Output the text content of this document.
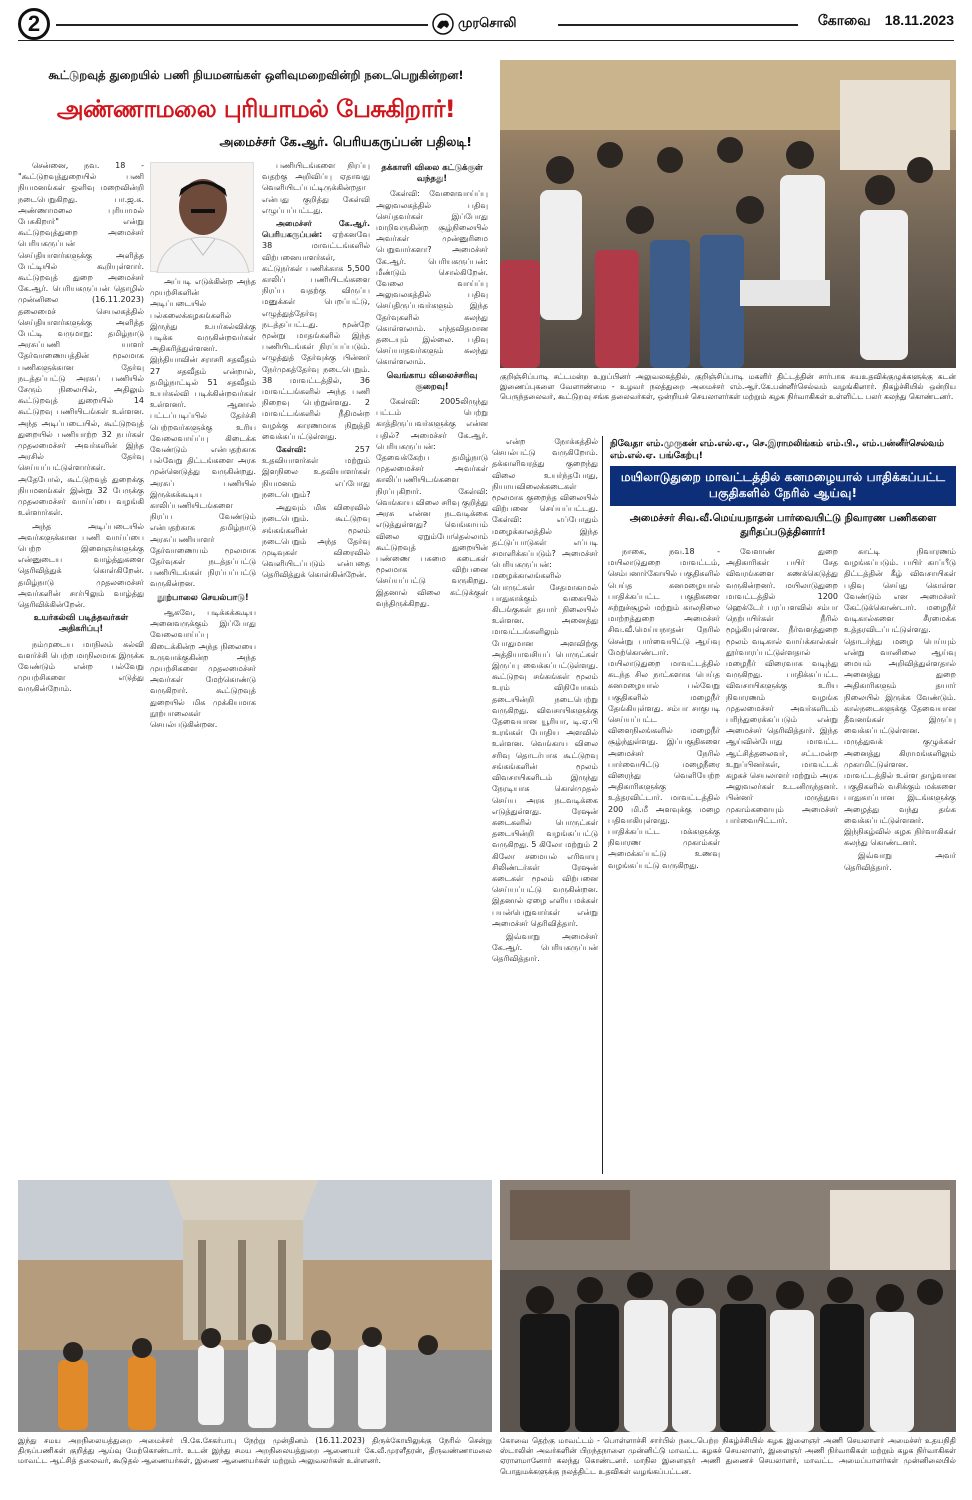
2	முரசொலி	கோவை 18.11.2023
கூட்டுறவுத் துறையில் பணி நியமனங்கள் ஒளிவுமறைவின்றி நடைபெறுகின்றன!
அண்ணாமலை புரியாமல் பேசுகிறார்!
அமைச்சர் கே.ஆர். பெரியகருப்பன் பதிலடி!
குறிஞ்சிப்பாடி சட்டமன்ற உறுப்பினர் அலுவலகத்தில், குறிஞ்சிப்பாடி மகளிர் திட்டத்தின் சார்பாக சுயஉதவிக்குழுக்களுக்கு கடன் இணைப்புகளை வேளாண்மை - உழவர் நலத்துறை அமைச்சர் எம்.ஆர்.கே.பன்னீர்செல்வம் வழங்கினார். நிகழ்ச்சியில் ஒன்றிய பெருந்தலைவர், கூட்டுறவு சங்க தலைவர்கள், ஒன்றியச் செயலாளர்கள் மற்றும் கழக நிர்வாகிகள் உள்ளிட்ட பலர் கலந்து கொண்டனர்.

சென்னை, நவ. 18 - "கூட்டுறவுத்துறையில் பணி நியமனங்கள் ஒளிவு மறைவின்றி நடைபெறுகிறது. பா.ஜ.க. அண்ணாமலை புரியாமல் பேசுகிறார்" என்று கூட்டுறவுத்துறை அமைச்சர் பெரியகருப்பன் செய்தியாளர்களுக்கு அளித்த பேட்டியில் கூறியுள்ளார். கூட்டுறவுத் துறை அமைச்சர் கே.ஆர். பெரியகருப்பன் தொழில் முன்னிலை (16.11.2023) தலைமைச் செயலகத்தில் செய்தியாளர்களுக்கு அளித்த பேட்டி வருமாறு: தமிழ்நாடு அரசுப்பணி யாளர் தேர்வாணையத்தின் மூலமாக பணிகளுக்கான தேர்வு நடத்தப்பட்டு அரசுப் பணியில் சேரும் நிலையில், அதிலும் கூட்டுறவுத் துறையில் 14 கூட்டுறவு பணியிடங்கள் உள்ளன. அந்த அடிப்படையில், கூட்டுறவுத் துறையில் பணியாற்ற 32 நபர்கள் முதலமைச்சர் அவர்களின் இந்த அரசில் தேர்வு செய்யப்பட்டுள்ளார்கள். அதேபோல், கூட்டுறவுத் துறைக்கு நியமனங்கள் இன்று 32 பேருக்கு முதலமைச்சர் வாய்ப்பை வழங்கி உள்ளார்கள்.

அந்த அடிப்படையில் அவர்களுக்கான பணி வாய்ப்பை பெற்ற இளைஞர்களுக்கு என்னுடைய வாழ்த்துகளை தெரிவித்துக் கொள்கிறேன். தமிழ்நாடு முதலமைச்சர் அவர்களின் சார்பிலும் வாழ்த்து தெரிவிக்கின்றேன்.

உயர்கல்வி படித்தவர்கள் அதிகரிப்பு!

நம்முடைய மாநிலம் கல்வி வளர்ச்சி பெற்ற மாநிலமாக இருக்க வேண்டும் என்ற பல்வேறு முயற்சிகளை எடுத்து வருகின்றோம்.

அப்படி எடுக்கின்ற அந்த முயற்சிகளின் அடிப்படையில் பல்கலைக்கழகங்களில் இருந்து உயர்கல்விக்கு படிக்க வருகின்றவர்கள் அதிகரித்துள்ளனர். இந்தியாவின் சராசரி சதவீதம் 27 சதவீதம் என்றால், தமிழ்நாட்டில் 51 சதவீதம் உயர்கல்வி படிக்கின்றவர்கள் உள்ளனர். ஆனால் பட்டப்படிப்பில் தேர்ச்சி பெற்றவர்களுக்கு உரிய வேலைவாய்ப்பு கிடைக்க வேண்டும் என்பதற்காக பல்வேறு திட்டங்களை அரசு முன்னெடுத்து வருகின்றது. அரசுப் பணியில் இருக்கக்கூடிய காலிப்பணியிடங்களை நிரப்ப வேண்டும் என்பதற்காக தமிழ்நாடு அரசுப்பணியாளர் தேர்வாணையம் மூலமாக தேர்வுகள் நடத்தப்பட்டு பணியிடங்கள் நிரப்பப்பட்டு வருகின்றன.

நூற்பாலை செயல்பாடு!

ஆகவே, படிக்கக்கூடிய அனைவருக்கும் இப்போது வேலைவாய்ப்பு கிடைக்கின்ற அந்த நிலையை உருவாக்குகின்ற அந்த முயற்சிகளை முதலமைச்சர் அவர்கள் மேற்கொண்டு வருகிறார். கூட்டுறவுத் துறையில் மிக முக்கியமாக நூற்பாலைகள் செயல்படுகின்றன.

பணியிடங்களை நிரப்பு வதற்கு அறிவிப்பு ஏதாவது வெளியிடப்பட்டிருக்கின்றதா என்பது குறித்து கேள்வி எழுப்பப்பட்டது.

அமைச்சர் கே.ஆர். பெரியகருப்பன்: ஏற்கனவே 38 மாவட்டங்களில் விற்பனையாளர்கள், கட்டுநர்கள் பணிக்காக 5,500 காலிப் பணியிடங்களை நிரப்ப வதற்கு விருப்ப மனுக்கள் பெறப்பட்டு, எழுத்துத்தேர்வு நடத்தப்பட்டது. மூன்றே மூன்று மாதங்களில் இந்த பணியிடங்கள் நிரப்பப்படும். எழுத்துத் தேர்வுக்கு பின்னர் நேர்முகத்தேர்வு நடைபெறும். 38 மாவட்டத்தில், 36 மாவட்டங்களில் அந்த பணி நிறைவு பெற்றுள்ளது. 2 மாவட்டங்களில் நீதிமன்ற வழக்கு காரணமாக நிறுத்தி வைக்கப்பட்டுள்ளது.

கேள்வி:	257 உதவியாளர்கள் மற்றும் இளநிலை உதவியாளர்கள் நியமனம் எப்போது நடைபெறும்?

அதுவும் மிக விரைவில் நடைபெறும். கூட்டுறவு சங்கங்களின் மூலம் நடைபெறும் அந்த தேர்வு முடிவுகள் விரைவில் வெளியிடப்படும் என்பதை தெரிவித்துக் கொள்கின்றேன்.

தக்காளி விலை கட்டுக்குள் வந்தது!

கேள்வி: வேளைவாய்ப்பு அலுவலகத்தில் பதிவு செய்தவர்கள் இப்போது மாறிவருகின்ற சூழ்நிலையில் அவர்கள் முன்னுரிமை பெறுவார்களா? அமைச்சர் கே.ஆர். பெரியகருப்பன்: மீண்டும் சொல்கிறேன். வேலை வாய்ப்பு அலுவலகத்தில் பதிவு செய்திருப்பவர்களும் இந்த தேர்வுகளில் கலந்து கொள்ளலாம். எந்தவிதமான தடையும் இல்லை. பதிவு செய்யாதவர்களும் கலந்து கொள்ளலாம்.

வெங்காய விலைச்சரிவு குறைவு!

கேள்வி: 2005லிருந்து பட்டம் பெற்று காத்திருப்பவர்களுக்கு என்ன பதில்? அமைச்சர் கே.ஆர். பெரியகருப்பன்: தேவைக்கேற்ப தமிழ்நாடு முதலமைச்சர் அவர்கள் காலிப்பணியிடங்களை நிரப்புகிறார். கேள்வி: வெங்காய விலை சரிவு குறித்து அரசு என்ன நடவடிக்கை எடுத்துள்ளது? வெங்காயம் விலை ஏறும்போதெல்லாம் கூட்டுறவுத் துறையின் பண்ணை பசுமை கடைகள் மூலமாக விற்பனை செய்யப்பட்டு வருகிறது. இதனால் விலை கட்டுக்குள் வந்திருக்கிறது.

என்ற நோக்கத்தில் செயல்பட்டு வருகிறோம். தக்காளிவரத்து குறைந்து விலை உயர்ந்தபோது, நியாயவிலைக்கடைகள் மூலமாக குறைந்த விலையில் விற்பனை செய்யப்பட்டது. கேள்வி: எப்போதும் மழைக்காலத்தில் இந்த தட்டுப்பாடுகள் எப்படி சமாளிக்கப்படும்? அமைச்சர் பெரியகருப்பன்: மழைக்காலங்களில் பொருட்கள் சேதமாகாமல் பாதுகாக்கும் வகையில் கிடங்குகள் தயார் நிலையில் உள்ளன. அனைத்து மாவட்டங்களிலும் போதுமான அளவிற்கு அத்தியாவசியப் பொருட்கள் இருப்பு வைக்கப்பட்டுள்ளது. கூட்டுறவு சங்கங்கள் மூலம் உரம் விநியோகம் தடையின்றி நடைபெற்று வருகிறது. விவசாயிகளுக்கு தேவையான யூரியா, டி.ஏ.பி உரங்கள் போதிய அளவில் உள்ளன. வெங்காய விலை சரிவு தொடர்பாக கூட்டுறவு சங்கங்களின் மூலம் விவசாயிகளிடம் இருந்து நேரடியாக கொள்முதல் செய்ய அரசு நடவடிக்கை எடுத்துள்ளது. ரேஷன் கடைகளில் பொருட்கள் தடையின்றி வழங்கப்பட்டு வருகிறது. 5 கிலோ மற்றும் 2 கிலோ சமையல் எரிவாயு சிலிண்டர்கள் ரேஷன் கடைகள் மூலம் விற்பனை செய்யப்பட்டு வருகின்றன. இதனால் ஏழை எளிய மக்கள் பயன்பெறுவார்கள் என்று அமைச்சர் தெரிவித்தார்.

இவ்வாறு அமைச்சர் கே.ஆர். பெரியகருப்பன் தெரிவித்தார்.

நிவேதா எம்.முருகன் எம்.எல்.ஏ., செ.இராமலிங்கம் எம்.பி., எம்.பன்னீர்செல்வம் எம்.எல்.ஏ. பங்கேற்பு!
மயிலாடுதுறை மாவட்டத்தில் கனமழையால் பாதிக்கப்பட்ட பகுதிகளில் நேரில் ஆய்வு!
அமைச்சர் சிவ.வீ.மெய்யநாதன் பார்வையிட்டு நிவாரண பணிகளை துரிதப்படுத்தினார்!

நாகை, நவ.18 - மயிலாடுதுறை மாவட்டம், செம்பனார்கோயில் பகுதிகளில் பெய்த கனமழையால் பாதிக்கப்பட்ட பகுதிகளை சுற்றுச்சூழல் மற்றும் காலநிலை மாற்றத்துறை அமைச்சர் சிவ.வீ.மெய்யநாதன் நேரில் சென்று பார்வையிட்டு ஆய்வு மேற்கொண்டார். மயிலாடுதுறை மாவட்டத்தில் கடந்த சில நாட்களாக பெய்த கனமழையால் பல்வேறு பகுதிகளில் மழைநீர் தேங்கியுள்ளது. சம்பா சாகுபடி செய்யப்பட்ட விளைநிலங்களில் மழைநீர் சூழ்ந்துள்ளது. இப்பகுதிகளை அமைச்சர் நேரில் பார்வையிட்டு மழைநீரை விரைந்து வெளியேற்ற அதிகாரிகளுக்கு உத்தரவிட்டார். மாவட்டத்தில் 200 மி.மீ அளவுக்கு மழை பதிவாகியுள்ளது. பாதிக்கப்பட்ட மக்களுக்கு நிவாரண முகாம்கள் அமைக்கப்பட்டு உணவு வழங்கப்பட்டு வருகிறது.

வேளாண் துறை அதிகாரிகள் பயிர் சேத விவரங்களை கணக்கெடுத்து வருகின்றனர். மயிலாடுதுறை மாவட்டத்தில் 1200 ஹெக்டேர் பரப்பளவில் சம்பா நெற்பயிர்கள் நீரில் மூழ்கியுள்ளன. நீர்வளத்துறை மூலம் வடிகால் வாய்க்கால்கள் தூர்வாரப்பட்டுள்ளதால் மழைநீர் விரைவாக வடிந்து வருகிறது. பாதிக்கப்பட்ட விவசாயிகளுக்கு உரிய நிவாரணம் வழங்க முதலமைச்சர் அவர்களிடம் பரிந்துரைக்கப்படும் என்று அமைச்சர் தெரிவித்தார். இந்த ஆய்வின்போது மாவட்ட ஆட்சித்தலைவர், சட்டமன்ற உறுப்பினர்கள், மாவட்டக் கழகச் செயலாளர் மற்றும் அரசு அலுவலர்கள் உடனிருந்தனர். பின்னர் மருத்துவ முகாம்களையும் அமைச்சர் பார்வையிட்டார்.

காட்டி நிவாரணம் வழங்கப்படும். பயிர் காப்பீடு திட்டத்தின் கீழ் விவசாயிகள் பதிவு செய்து கொள்ள வேண்டும் என அமைச்சர் கேட்டுக்கொண்டார். மழைநீர் வடிகால்களை சீரமைக்க உத்தரவிடப்பட்டுள்ளது. தொடர்ந்து மழை பெய்யும் என்று வானிலை ஆய்வு மையம் அறிவித்துள்ளதால் அனைத்து துறை அதிகாரிகளும் தயார் நிலையில் இருக்க வேண்டும். கால்நடைகளுக்கு தேவையான தீவனங்கள் இருப்பு வைக்கப்பட்டுள்ளன. மருத்துவக் குழுக்கள் அனைத்து கிராமங்களிலும் முகாமிட்டுள்ளன. மாவட்டத்தில் உள்ள தாழ்வான பகுதிகளில் வசிக்கும் மக்களை பாதுகாப்பான இடங்களுக்கு அழைத்து வந்து தங்க வைக்கப்பட்டுள்ளனர். இந்நிகழ்வில் கழக நிர்வாகிகள் கலந்து கொண்டனர்.

இவ்வாறு அவர் தெரிவித்தார்.

இந்து சமய அறநிலையத்துறை அமைச்சர் பி.கே.சேகர்பாபு நேற்று முன்தினம் (16.11.2023) திருக்கோயிலுக்கு நேரில் சென்று திருப்பணிகள் குறித்து ஆய்வு மேற்கொண்டார். உடன் இந்து சமய அறநிலையத்துறை ஆணையர் கே.வீ.முரளீதரன், திருவண்ணாமலை மாவட்ட ஆட்சித் தலைவர், கூடுதல் ஆணையர்கள், இணை ஆணையர்கள் மற்றும் அலுவலர்கள் உள்ளனர்.
கோவை தெற்கு மாவட்டம் - பொள்ளாச்சி சார்பில் நடைபெற்ற நிகழ்ச்சியில் கழக இளைஞர் அணி செயலாளர் அமைச்சர் உதயநிதி ஸ்டாலின் அவர்களின் பிறந்தநாளை முன்னிட்டு மாவட்ட கழகச் செயலாளர், இளைஞர் அணி நிர்வாகிகள் மற்றும் கழக நிர்வாகிகள் ஏராளமானோர் கலந்து கொண்டனர். மாநில இளைஞர் அணி துணைச் செயலாளர், மாவட்ட அமைப்பாளர்கள் முன்னிலையில் பொதுமக்களுக்கு நலத்திட்ட உதவிகள் வழங்கப்பட்டன.
